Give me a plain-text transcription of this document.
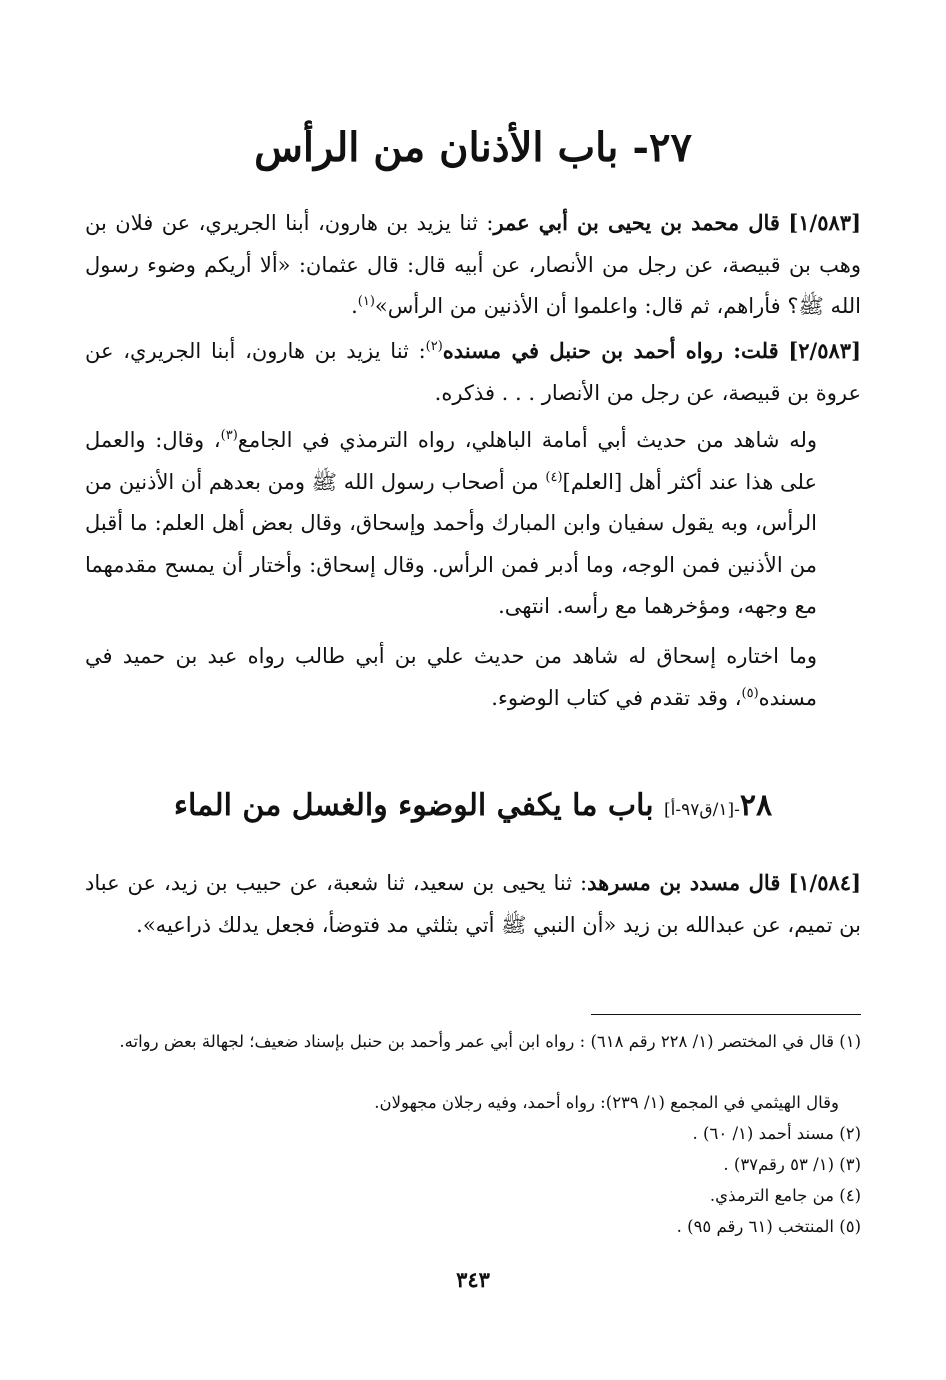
٢٧- باب الأذنان من الرأس

[١/٥٨٣] قال محمد بن يحيى بن أبي عمر: ثنا يزيد بن هارون، أبنا الجريري، عن فلان بن وهب بن قبيصة، عن رجل من الأنصار، عن أبيه قال: قال عثمان: «ألا أريكم وضوء رسول الله ﷺ؟ فأراهم، ثم قال: واعلموا أن الأذنين من الرأس»$^{(١)}$.

[٢/٥٨٣] قلت: رواه أحمد بن حنبل في مسنده$^{(٢)}$: ثنا يزيد بن هارون، أبنا الجريري، عن عروة بن قبيصة، عن رجل من الأنصار . . . فذكره.

وله شاهد من حديث أبي أمامة الباهلي، رواه الترمذي في الجامع$^{(٣)}$، وقال: والعمل على هذا عند أكثر أهل [العلم]$^{(٤)}$ من أصحاب رسول الله ﷺ ومن بعدهم أن الأذنين من الرأس، وبه يقول سفيان وابن المبارك وأحمد وإسحاق، وقال بعض أهل العلم: ما أقبل من الأذنين فمن الوجه، وما أدبر فمن الرأس. وقال إسحاق: وأختار أن يمسح مقدمهما مع وجهه، ومؤخرهما مع رأسه. انتهى.

وما اختاره إسحاق له شاهد من حديث علي بن أبي طالب رواه عبد بن حميد في مسنده$^{(٥)}$، وقد تقدم في كتاب الوضوء.

٢٨-[١/ق٩٧-أ] باب ما يكفي الوضوء والغسل من الماء

[١/٥٨٤] قال مسدد بن مسرهد: ثنا يحيى بن سعيد، ثنا شعبة، عن حبيب بن زيد، عن عباد بن تميم، عن عبدالله بن زيد «أن النبي ﷺ أتي بثلثي مد فتوضأ، فجعل يدلك ذراعيه».

(١) قال في المختصر (١/ ٢٢٨ رقم ٦١٨) : رواه ابن أبي عمر وأحمد بن حنبل بإسناد ضعيف؛ لجهالة بعض رواته.

وقال الهيثمي في المجمع (١/ ٢٣٩): رواه أحمد، وفيه رجلان مجهولان.

(٢) مسند أحمد (١/ ٦٠) .

(٣) (١/ ٥٣ رقم٣٧) .

(٤) من جامع الترمذي.

(٥) المنتخب (٦١ رقم ٩٥) .

٣٤٣
